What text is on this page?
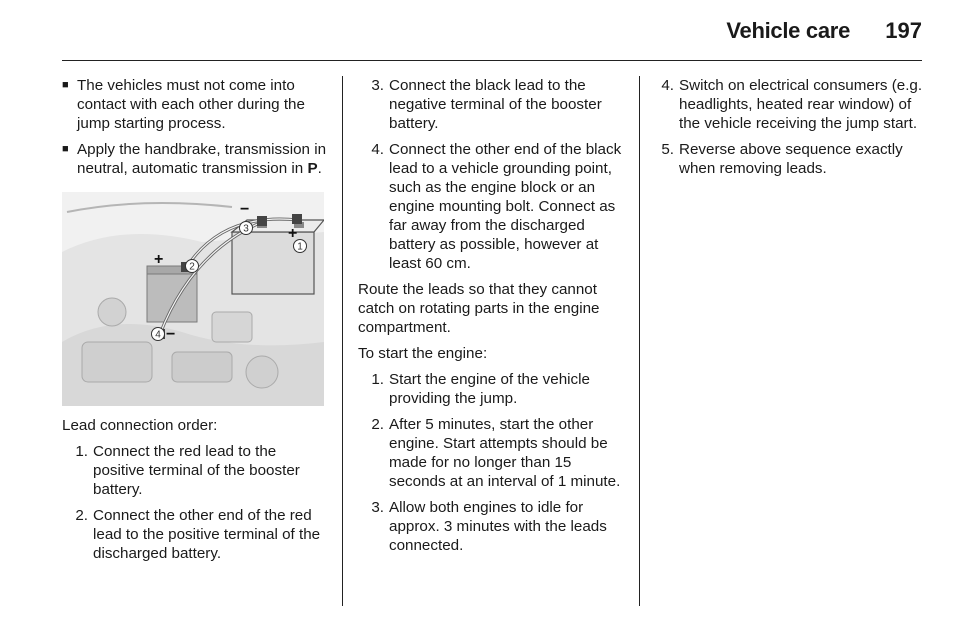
Vehicle care	197
■ The vehicles must not come into contact with each other during the jump starting process.
■ Apply the handbrake, transmission in neutral, automatic transmission in P.
1
2
3
4
+
+
−
−
Lead connection order:
1. Connect the red lead to the positive terminal of the booster battery.
2. Connect the other end of the red lead to the positive terminal of the discharged battery.
3. Connect the black lead to the negative terminal of the booster battery.
4. Connect the other end of the black lead to a vehicle grounding point, such as the engine block or an engine mounting bolt. Connect as far away from the discharged battery as possible, however at least 60 cm.
Route the leads so that they cannot catch on rotating parts in the engine compartment.
To start the engine:
1. Start the engine of the vehicle providing the jump.
2. After 5 minutes, start the other engine. Start attempts should be made for no longer than 15 seconds at an interval of 1 minute.
3. Allow both engines to idle for approx. 3 minutes with the leads connected.
4. Switch on electrical consumers (e.g. headlights, heated rear window) of the vehicle receiving the jump start.
5. Reverse above sequence exactly when removing leads.
